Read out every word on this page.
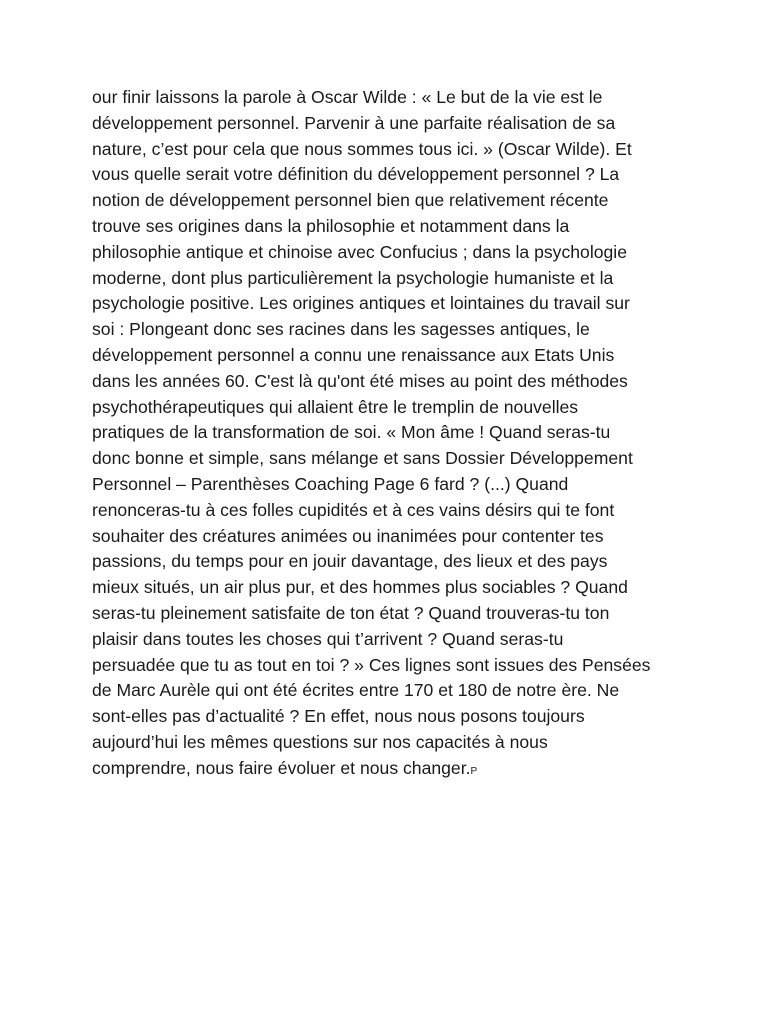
our finir laissons la parole à Oscar Wilde : « Le but de la vie est le
développement personnel. Parvenir à une parfaite réalisation de sa
nature, c’est pour cela que nous sommes tous ici. » (Oscar Wilde). Et
vous quelle serait votre définition du développement personnel ? La
notion de développement personnel bien que relativement récente
trouve ses origines dans la philosophie et notamment dans la
philosophie antique et chinoise avec Confucius ; dans la psychologie
moderne, dont plus particulièrement la psychologie humaniste et la
psychologie positive. Les origines antiques et lointaines du travail sur
soi : Plongeant donc ses racines dans les sagesses antiques, le
développement personnel a connu une renaissance aux Etats Unis
dans les années 60. C'est là qu'ont été mises au point des méthodes
psychothérapeutiques qui allaient être le tremplin de nouvelles
pratiques de la transformation de soi. « Mon âme ! Quand seras-tu
donc bonne et simple, sans mélange et sans Dossier Développement
Personnel – Parenthèses Coaching Page 6 fard ? (...) Quand
renonceras-tu à ces folles cupidités et à ces vains désirs qui te font
souhaiter des créatures animées ou inanimées pour contenter tes
passions, du temps pour en jouir davantage, des lieux et des pays
mieux situés, un air plus pur, et des hommes plus sociables ? Quand
seras-tu pleinement satisfaite de ton état ? Quand trouveras-tu ton
plaisir dans toutes les choses qui t’arrivent ? Quand seras-tu
persuadée que tu as tout en toi ? » Ces lignes sont issues des Pensées
de Marc Aurèle qui ont été écrites entre 170 et 180 de notre ère. Ne
sont-elles pas d’actualité ? En effet, nous nous posons toujours
aujourd’hui les mêmes questions sur nos capacités à nous
comprendre, nous faire évoluer et nous changer.P
